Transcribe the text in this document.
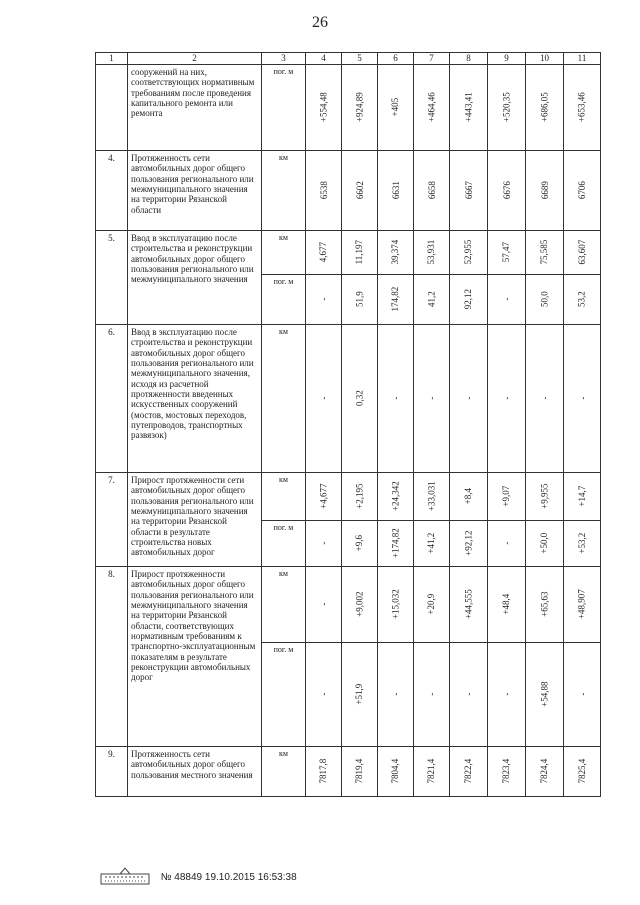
26
1	2	3	4	5	6	7	8	9	10	11
	сооружений на них, соответствующих нормативным требованиям после проведения капитального ремонта или ремонта	пог. м	+554,48	+924,89	+405	+464,46	+443,41	+520,35	+686,05	+653,46
4.	Протяженность сети автомобильных дорог общего пользования регионального или межмуниципального значения на территории Рязанской области	км	6538	6602	6631	6658	6667	6676	6689	6706
5.	Ввод в эксплуатацию после строительства и реконструкции автомобильных дорог общего пользования регионального или межмуниципального значения	км	4,677	11,197	39,374	53,931	52,955	57,47	75,585	63,607
		пог. м	-	51,9	174,82	41,2	92,12	-	50,0	53,2
6.	Ввод в эксплуатацию после строительства и реконструкции автомобильных дорог общего пользования регионального или межмуниципального значения, исходя из расчетной протяженности введенных искусственных сооружений (мостов, мостовых переходов, путепроводов, транспортных развязок)	км	-	0,32	-	-	-	-	-	-
7.	Прирост протяженности сети автомобильных дорог общего пользования регионального или межмуниципального значения на территории Рязанской области в результате строительства новых автомобильных дорог	км	+4,677	+2,195	+24,342	+33,031	+8,4	+9,07	+9,955	+14,7
		пог. м	-	+9,6	+174,82	+41,2	+92,12	-	+50,0	+53,2
8.	Прирост протяженности автомобильных дорог общего пользования регионального или межмуниципального значения на территории Рязанской области, соответствующих нормативным требованиям к транспортно-эксплуатационным показателям в результате реконструкции автомобильных дорог	км	-	+9,002	+15,032	+20,9	+44,555	+48,4	+65,63	+48,907
		пог. м	-	+51,9	-	-	-	-	+54,88	-
9.	Протяженность сети автомобильных дорог общего пользования местного значения	км	7817,8	7819,4	7804,4	7821,4	7822,4	7823,4	7824,4	7825,4
№ 48849 19.10.2015 16:53:38
